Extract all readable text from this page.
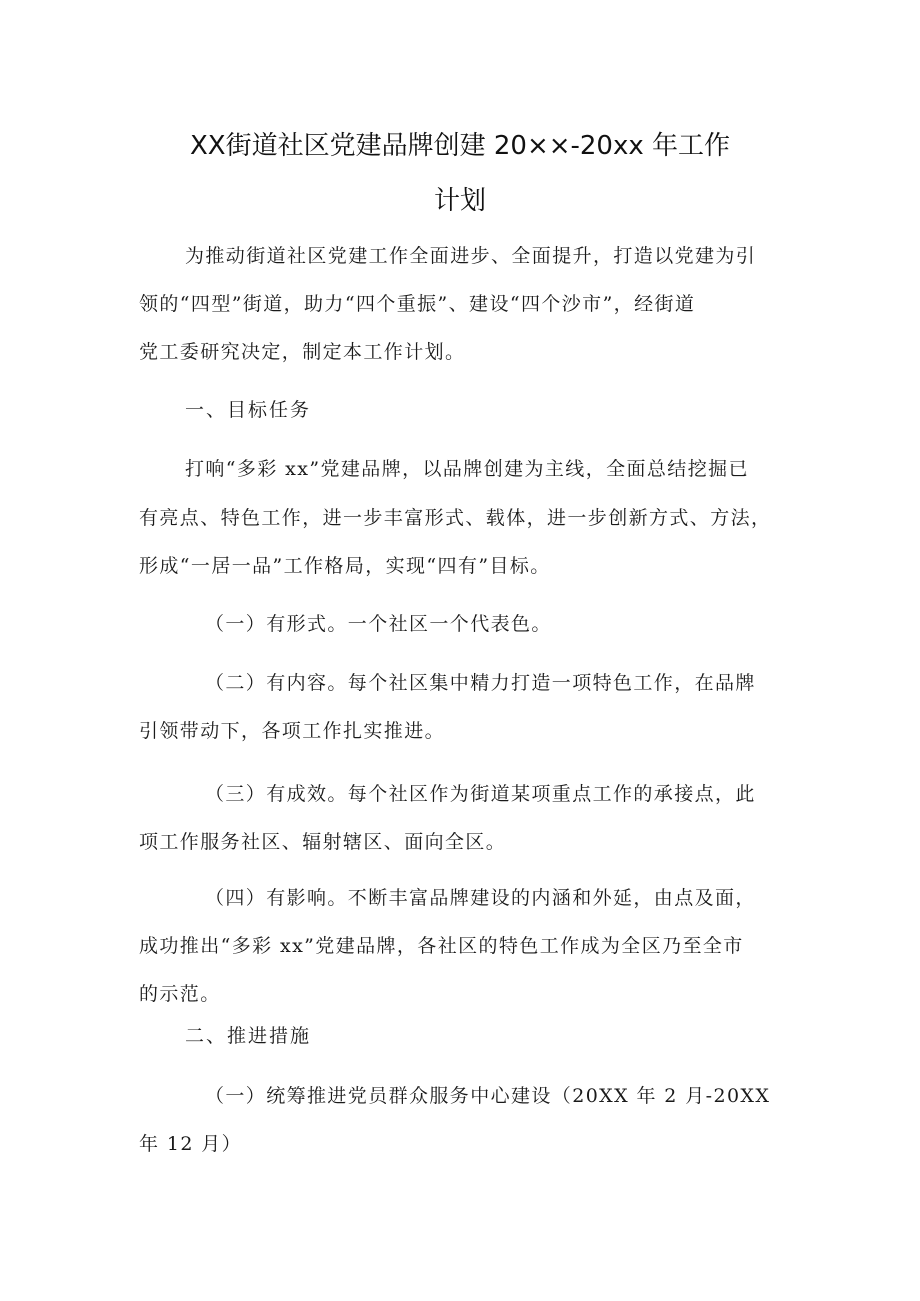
XX街道社区党建品牌创建 20××-20xx 年工作
计划
为推动街道社区党建工作全面进步、全面提升，打造以党建为引
领的“四型”街道，助力“四个重振”、建设“四个沙市”，经街道
党工委研究决定，制定本工作计划。
一、目标任务
打响“多彩 xx”党建品牌，以品牌创建为主线，全面总结挖掘已
有亮点、特色工作，进一步丰富形式、载体，进一步创新方式、方法，
形成“一居一品”工作格局，实现“四有”目标。
（一）有形式。一个社区一个代表色。
（二）有内容。每个社区集中精力打造一项特色工作，在品牌
引领带动下，各项工作扎实推进。
（三）有成效。每个社区作为街道某项重点工作的承接点，此
项工作服务社区、辐射辖区、面向全区。
（四）有影响。不断丰富品牌建设的内涵和外延，由点及面，
成功推出“多彩 xx”党建品牌，各社区的特色工作成为全区乃至全市
的示范。
二、推进措施
（一）统筹推进党员群众服务中心建设（20XX 年 2 月-20XX
年 12 月）
